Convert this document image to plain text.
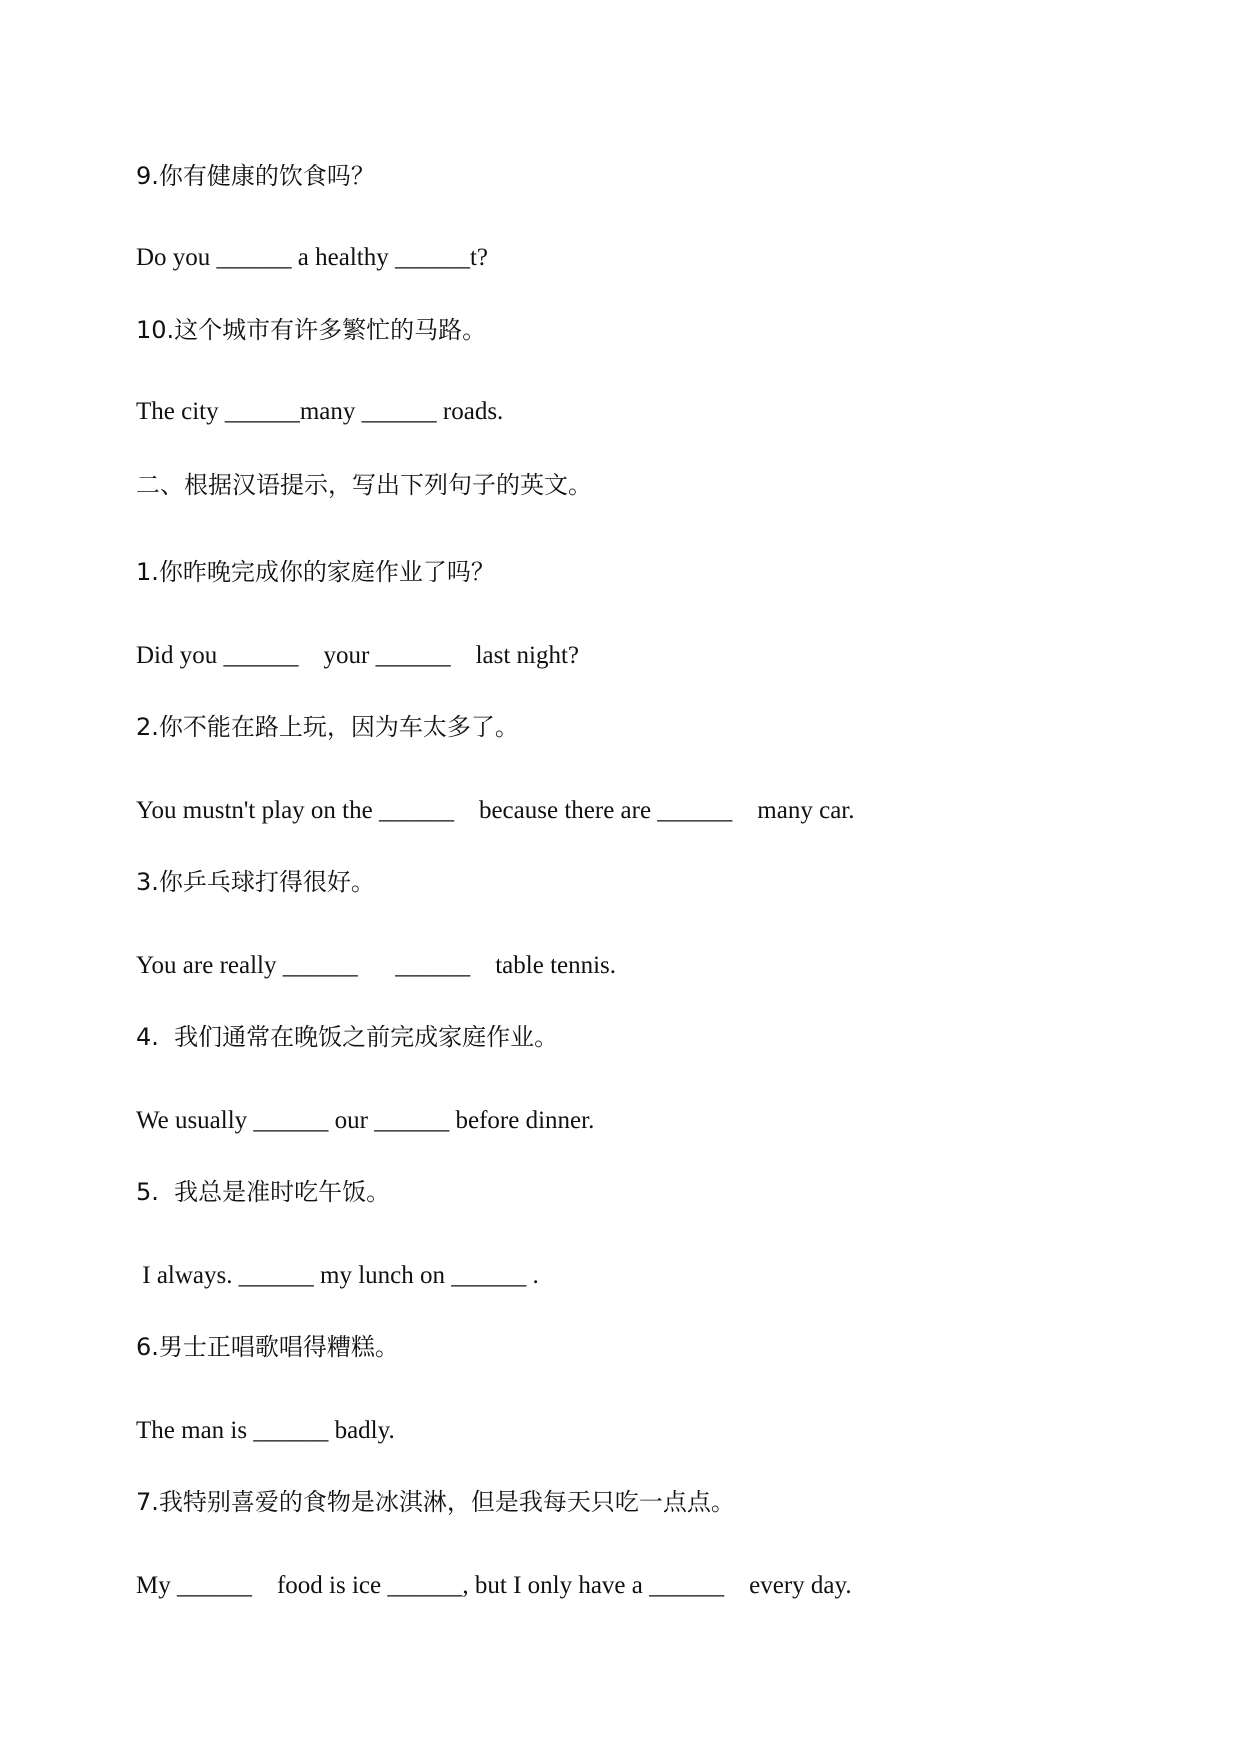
9.你有健康的饮食吗？
Do you ______ a healthy ______t?
10.这个城市有许多繁忙的马路。
The city ______many ______ roads.
二、根据汉语提示，写出下列句子的英文。
1.你昨晚完成你的家庭作业了吗？
Did you ______    your ______    last night?
2.你不能在路上玩，因为车太多了。
You mustn't play on the ______    because there are ______    many car.
3.你乒乓球打得很好。
You are really ______      ______    table tennis.
4.  我们通常在晚饭之前完成家庭作业。
We usually ______ our ______ before dinner.
5.  我总是准时吃午饭。
I always. ______ my lunch on ______ .
6.男士正唱歌唱得糟糕。
The man is ______ badly.
7.我特别喜爱的食物是冰淇淋，但是我每天只吃一点点。
My ______    food is ice ______, but I only have a ______    every day.
